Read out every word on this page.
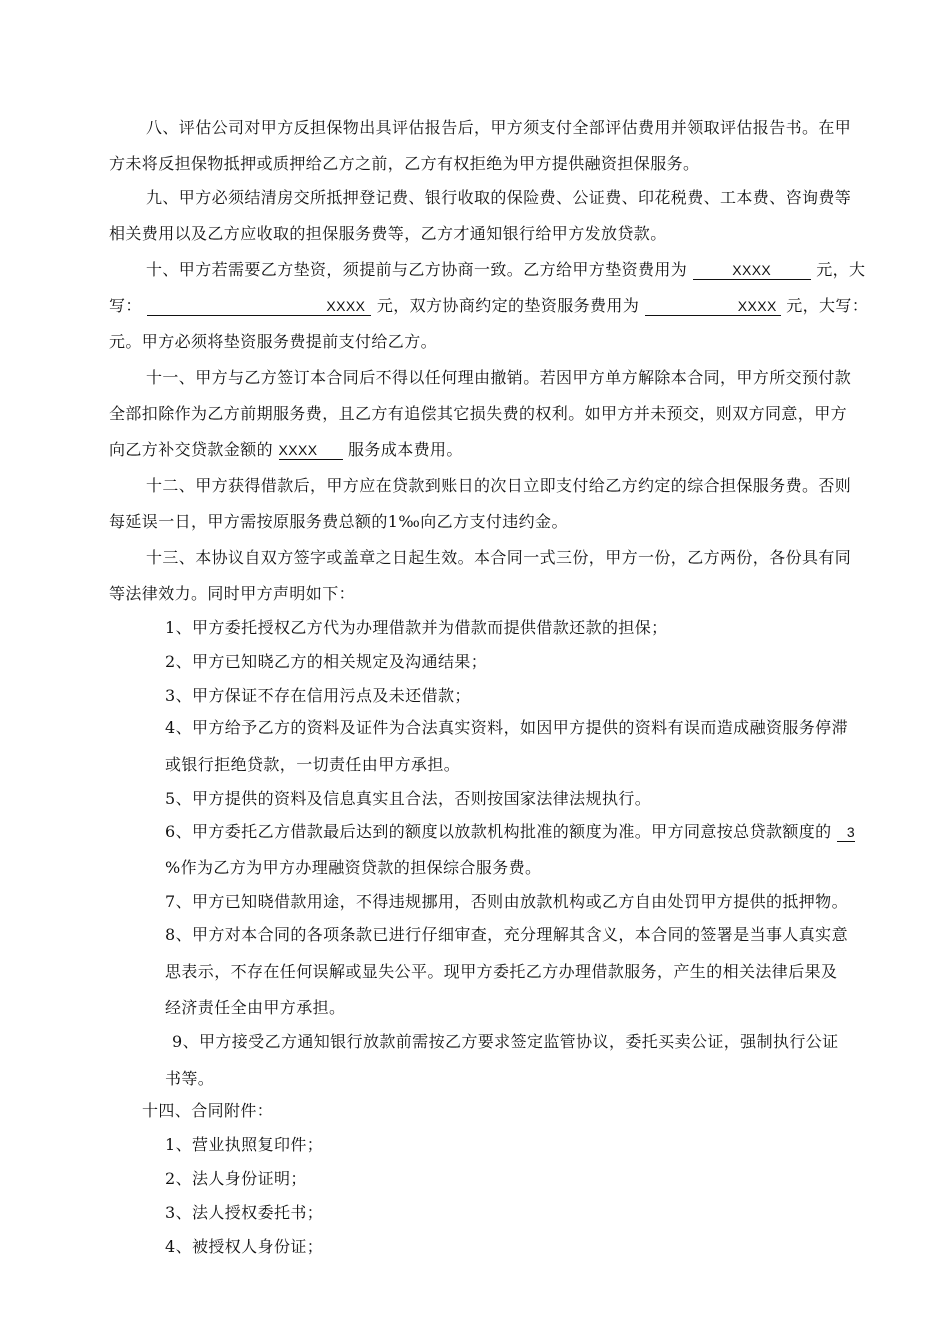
八、评估公司对甲方反担保物出具评估报告后，甲方须支付全部评估费用并领取评估报告书。在甲
方未将反担保物抵押或质押给乙方之前，乙方有权拒绝为甲方提供融资担保服务。
九、甲方必须结清房交所抵押登记费、银行收取的保险费、公证费、印花税费、工本费、咨询费等
相关费用以及乙方应收取的担保服务费等，乙方才通知银行给甲方发放贷款。
十、甲方若需要乙方垫资，须提前与乙方协商一致。乙方给甲方垫资费用为	XXXX	元，大
写：	XXXX 元，双方协商约定的垫资服务费用为	XXXX 元，大写：
元。甲方必须将垫资服务费提前支付给乙方。
十一、甲方与乙方签订本合同后不得以任何理由撤销。若因甲方单方解除本合同，甲方所交预付款
全部扣除作为乙方前期服务费，且乙方有追偿其它损失费的权利。如甲方并未预交，则双方同意，甲方
向乙方补交贷款金额的 XXXX 服务成本费用。
十二、甲方获得借款后，甲方应在贷款到账日的次日立即支付给乙方约定的综合担保服务费。否则
每延误一日，甲方需按原服务费总额的1‰向乙方支付违约金。
十三、本协议自双方签字或盖章之日起生效。本合同一式三份，甲方一份，乙方两份，各份具有同
等法律效力。同时甲方声明如下：
1、甲方委托授权乙方代为办理借款并为借款而提供借款还款的担保；
2、甲方已知晓乙方的相关规定及沟通结果；
3、甲方保证不存在信用污点及未还借款；
4、甲方给予乙方的资料及证件为合法真实资料，如因甲方提供的资料有误而造成融资服务停滞
或银行拒绝贷款，一切责任由甲方承担。
5、甲方提供的资料及信息真实且合法，否则按国家法律法规执行。
6、甲方委托乙方借款最后达到的额度以放款机构批准的额度为准。甲方同意按总贷款额度的 3
%作为乙方为甲方办理融资贷款的担保综合服务费。
7、甲方已知晓借款用途，不得违规挪用，否则由放款机构或乙方自由处罚甲方提供的抵押物。
8、甲方对本合同的各项条款已进行仔细审查，充分理解其含义，本合同的签署是当事人真实意
思表示，不存在任何误解或显失公平。现甲方委托乙方办理借款服务，产生的相关法律后果及
经济责任全由甲方承担。
9、甲方接受乙方通知银行放款前需按乙方要求签定监管协议，委托买卖公证，强制执行公证
书等。
十四、合同附件：
1、营业执照复印件；
2、法人身份证明；
3、法人授权委托书；
4、被授权人身份证；
